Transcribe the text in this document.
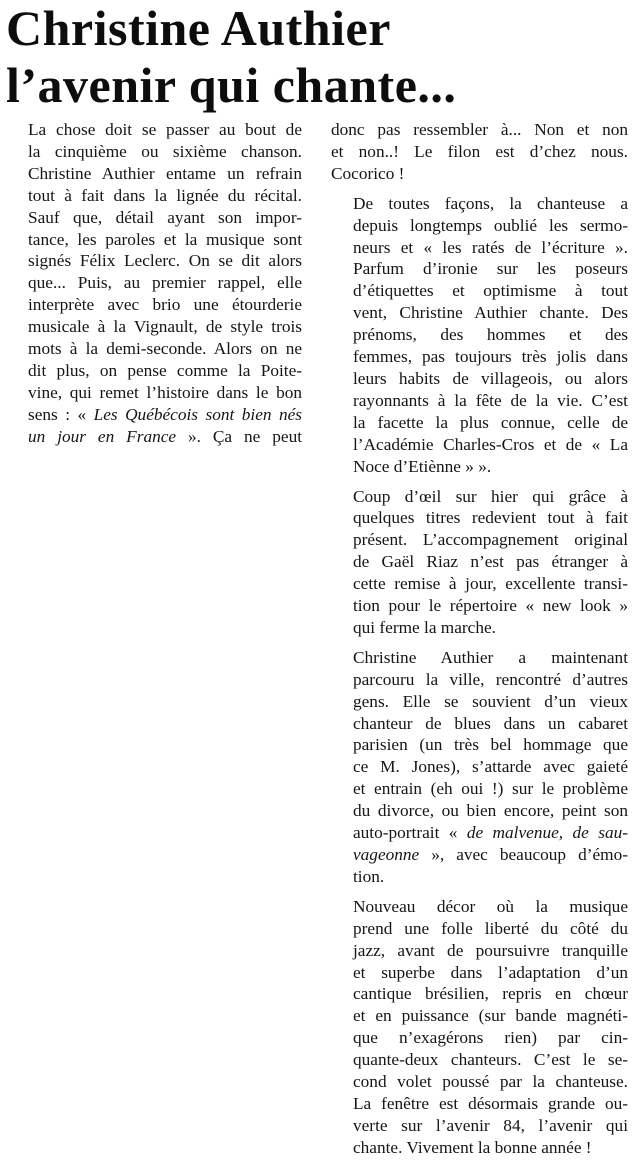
Christine Authier
l’avenir qui chante...

La chose doit se passer au bout de
la cinquième ou sixième chanson.
Christine Authier entame un refrain
tout à fait dans la lignée du récital.
Sauf que, détail ayant son impor-
tance, les paroles et la musique sont
signés Félix Leclerc. On se dit alors
que... Puis, au premier rappel, elle
interprète avec brio une étourderie
musicale à la Vignault, de style trois
mots à la demi-seconde. Alors on ne
dit plus, on pense comme la Poite-
vine, qui remet l’histoire dans le bon
sens : « Les Québécois sont bien nés
un jour en France ». Ça ne peut

donc pas ressembler à... Non et non
et non..! Le filon est d’chez nous.
Cocorico !

De toutes façons, la chanteuse a
depuis longtemps oublié les sermo-
neurs et « les ratés de l’écriture ».
Parfum d’ironie sur les poseurs
d’étiquettes et optimisme à tout
vent, Christine Authier chante. Des
prénoms, des hommes et des
femmes, pas toujours très jolis dans
leurs habits de villageois, ou alors
rayonnants à la fête de la vie. C’est
la facette la plus connue, celle de
l’Académie Charles-Cros et de « La
Noce d’Etiènne » ».

Coup d’œil sur hier qui grâce à
quelques titres redevient tout à fait
présent. L’accompagnement original
de Gaël Riaz n’est pas étranger à
cette remise à jour, excellente transi-
tion pour le répertoire « new look »
qui ferme la marche.

Christine Authier a maintenant
parcouru la ville, rencontré d’autres
gens. Elle se souvient d’un vieux
chanteur de blues dans un cabaret
parisien (un très bel hommage que
ce M. Jones), s’attarde avec gaieté
et entrain (eh oui !) sur le problème
du divorce, ou bien encore, peint son
auto-portrait « de malvenue, de sau-
vageonne », avec beaucoup d’émo-
tion.

Nouveau décor où la musique
prend une folle liberté du côté du
jazz, avant de poursuivre tranquille
et superbe dans l’adaptation d’un
cantique brésilien, repris en chœur
et en puissance (sur bande magnéti-
que n’exagérons rien) par cin-
quante-deux chanteurs. C’est le se-
cond volet poussé par la chanteuse.
La fenêtre est désormais grande ou-
verte sur l’avenir 84, l’avenir qui
chante. Vivement la bonne année !
